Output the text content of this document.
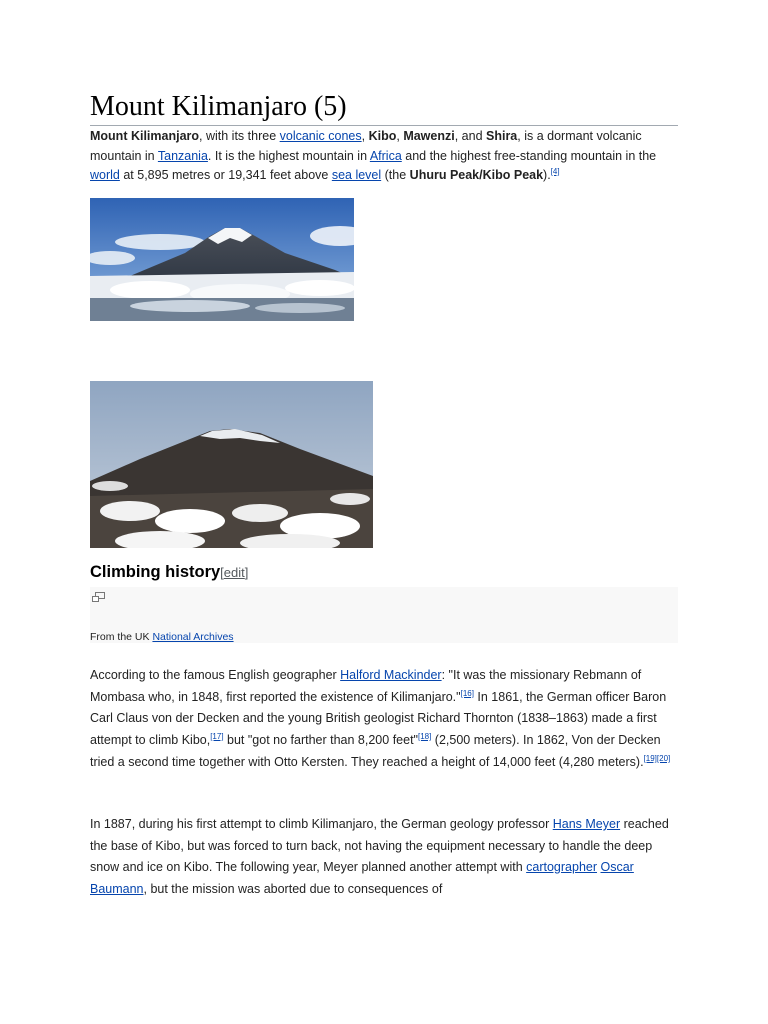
Mount Kilimanjaro (5)

Mount Kilimanjaro, with its three volcanic cones, Kibo, Mawenzi, and Shira, is a dormant volcanic mountain in Tanzania. It is the highest mountain in Africa and the highest free-standing mountain in the world at 5,895 metres or 19,341 feet above sea level (the Uhuru Peak/Kibo Peak).[4]

Climbing history[edit]
From the UK National Archives

According to the famous English geographer Halford Mackinder: "It was the missionary Rebmann of Mombasa who, in 1848, first reported the existence of Kilimanjaro."[16] In 1861, the German officer Baron Carl Claus von der Decken and the young British geologist Richard Thornton (1838–1863) made a first attempt to climb Kibo,[17] but "got no farther than 8,200 feet"[18] (2,500 meters). In 1862, Von der Decken tried a second time together with Otto Kersten. They reached a height of 14,000 feet (4,280 meters).[19][20]

In 1887, during his first attempt to climb Kilimanjaro, the German geology professor Hans Meyer reached the base of Kibo, but was forced to turn back, not having the equipment necessary to handle the deep snow and ice on Kibo. The following year, Meyer planned another attempt with cartographer Oscar Baumann, but the mission was aborted due to consequences of
